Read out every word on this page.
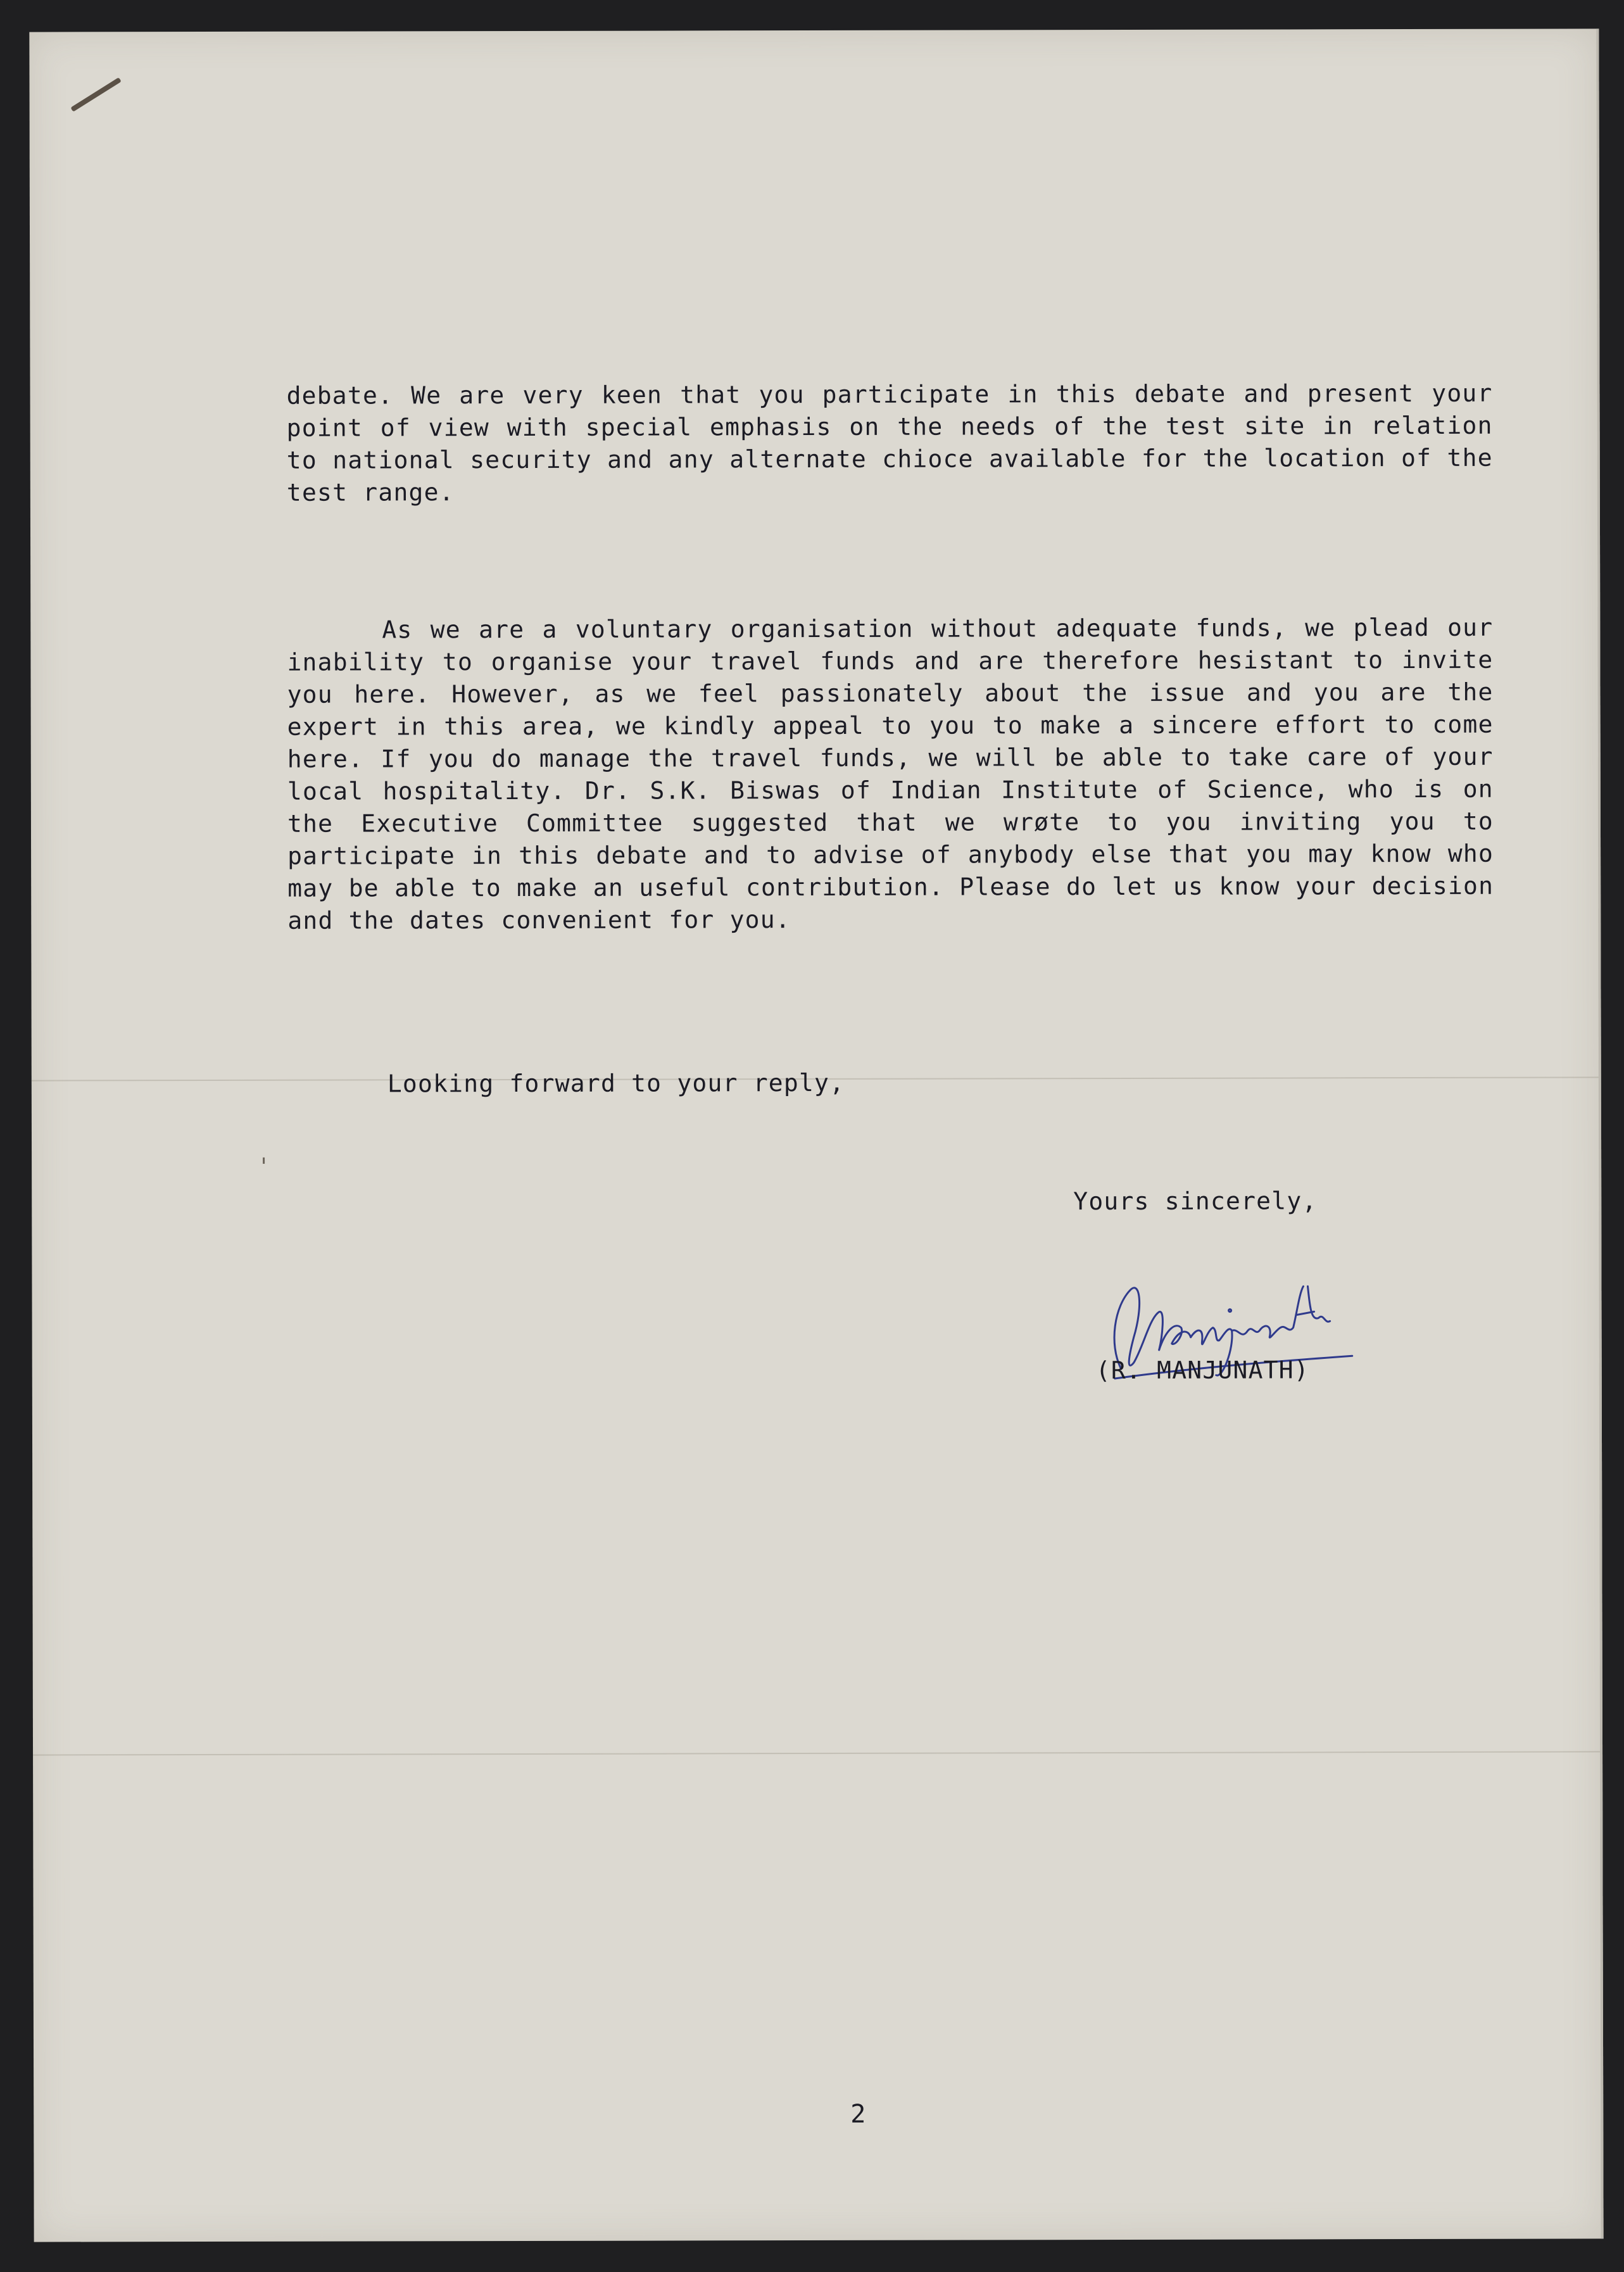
debate. We are very keen that you participate in this debate and present your point of view with special emphasis on the needs of the test site in relation to national security and any alternate chioce available for the location of the test range.

As we are a voluntary organisation without adequate funds, we plead our inability to organise your travel funds and are therefore hesistant to invite you here. However, as we feel passionately about the issue and you are the expert in this area, we kindly appeal to you to make a sincere effort to come here. If you do manage the travel funds, we will be able to take care of your local hospitality. Dr. S.K. Biswas of Indian Institute of Science, who is on the Executive Committee suggested that we wrøte to you inviting you to participate in this debate and to advise of anybody else that you may know who may be able to make an useful contribution. Please do let us know your decision and the dates convenient for you.

Looking forward to your reply,

Yours sincerely,

(R. MANJUNATH)

2
